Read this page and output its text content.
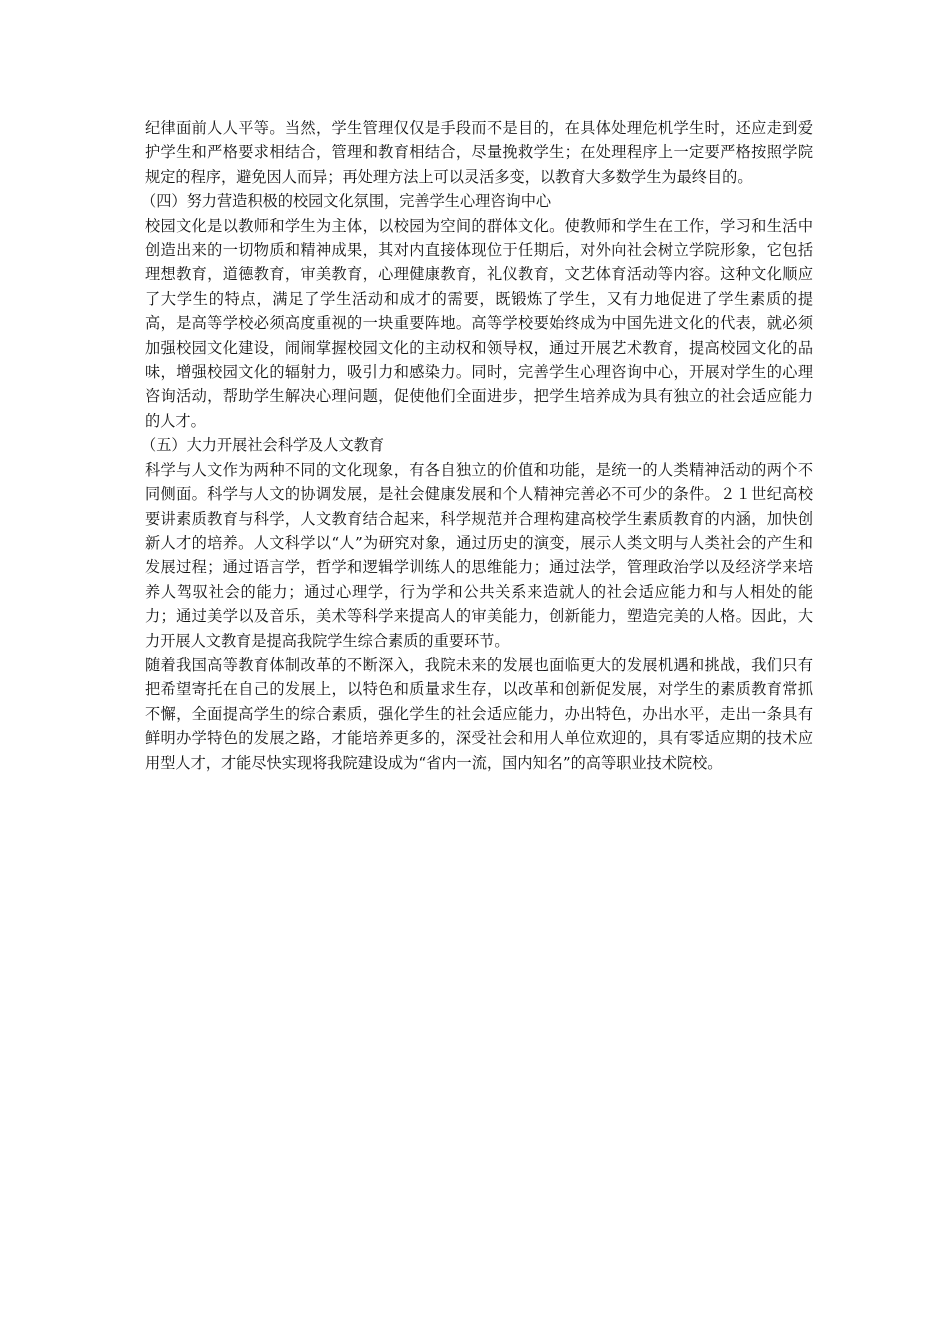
纪律面前人人平等。当然，学生管理仅仅是手段而不是目的，在具体处理危机学生时，还应走到爱护学生和严格要求相结合，管理和教育相结合，尽量挽救学生；在处理程序上一定要严格按照学院规定的程序，避免因人而异；再处理方法上可以灵活多变，以教育大多数学生为最终目的。

（四）努力营造积极的校园文化氛围，完善学生心理咨询中心

校园文化是以教师和学生为主体，以校园为空间的群体文化。使教师和学生在工作，学习和生活中创造出来的一切物质和精神成果，其对内直接体现位于任期后，对外向社会树立学院形象，它包括理想教育，道德教育，审美教育，心理健康教育，礼仪教育，文艺体育活动等内容。这种文化顺应了大学生的特点，满足了学生活动和成才的需要，既锻炼了学生，又有力地促进了学生素质的提高，是高等学校必须高度重视的一块重要阵地。高等学校要始终成为中国先进文化的代表，就必须加强校园文化建设，闹闹掌握校园文化的主动权和领导权，通过开展艺术教育，提高校园文化的品味，增强校园文化的辐射力，吸引力和感染力。同时，完善学生心理咨询中心，开展对学生的心理咨询活动，帮助学生解决心理问题，促使他们全面进步，把学生培养成为具有独立的社会适应能力的人才。

（五）大力开展社会科学及人文教育

科学与人文作为两种不同的文化现象，有各自独立的价值和功能，是统一的人类精神活动的两个不同侧面。科学与人文的协调发展，是社会健康发展和个人精神完善必不可少的条件。２１世纪高校要讲素质教育与科学，人文教育结合起来，科学规范并合理构建高校学生素质教育的内涵，加快创新人才的培养。人文科学以“人”为研究对象，通过历史的演变，展示人类文明与人类社会的产生和发展过程；通过语言学，哲学和逻辑学训练人的思维能力；通过法学，管理政治学以及经济学来培养人驾驭社会的能力；通过心理学，行为学和公共关系来造就人的社会适应能力和与人相处的能力；通过美学以及音乐，美术等科学来提高人的审美能力，创新能力，塑造完美的人格。因此，大力开展人文教育是提高我院学生综合素质的重要环节。

随着我国高等教育体制改革的不断深入，我院未来的发展也面临更大的发展机遇和挑战，我们只有把希望寄托在自己的发展上，以特色和质量求生存，以改革和创新促发展，对学生的素质教育常抓不懈，全面提高学生的综合素质，强化学生的社会适应能力，办出特色，办出水平，走出一条具有鲜明办学特色的发展之路，才能培养更多的，深受社会和用人单位欢迎的，具有零适应期的技术应用型人才，才能尽快实现将我院建设成为“省内一流，国内知名”的高等职业技术院校。
